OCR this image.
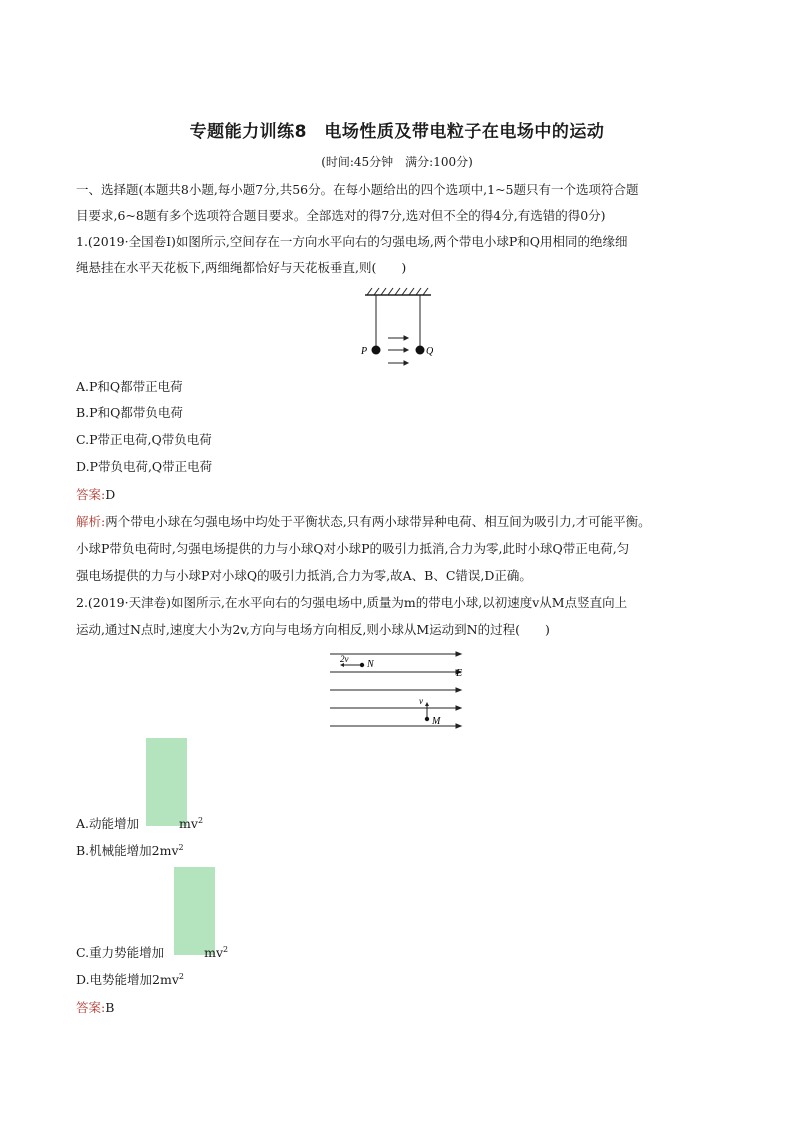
专题能力训练8　电场性质及带电粒子在电场中的运动
(时间:45分钟　满分:100分)
一、选择题(本题共8小题,每小题7分,共56分。在每小题给出的四个选项中,1~5题只有一个选项符合题
目要求,6~8题有多个选项符合题目要求。全部选对的得7分,选对但不全的得4分,有选错的得0分)
1.(2019·全国卷Ⅰ)如图所示,空间存在一方向水平向右的匀强电场,两个带电小球P和Q用相同的绝缘细
绳悬挂在水平天花板下,两细绳都恰好与天花板垂直,则(　　)
P	Q
A.P和Q都带正电荷
B.P和Q都带负电荷
C.P带正电荷,Q带负电荷
D.P带负电荷,Q带正电荷
答案:D
解析:两个带电小球在匀强电场中均处于平衡状态,只有两小球带异种电荷、相互间为吸引力,才可能平衡。
小球P带负电荷时,匀强电场提供的力与小球Q对小球P的吸引力抵消,合力为零,此时小球Q带正电荷,匀
强电场提供的力与小球P对小球Q的吸引力抵消,合力为零,故A、B、C错误,D正确。
2.(2019·天津卷)如图所示,在水平向右的匀强电场中,质量为m的带电小球,以初速度v从M点竖直向上
运动,通过N点时,速度大小为2v,方向与电场方向相反,则小球从M运动到N的过程(　　)
2v N
E
v
M
A.动能增加	$mv^2$
B.机械能增加$2mv^2$
C.重力势能增加	$mv^2$
D.电势能增加$2mv^2$
答案:B
